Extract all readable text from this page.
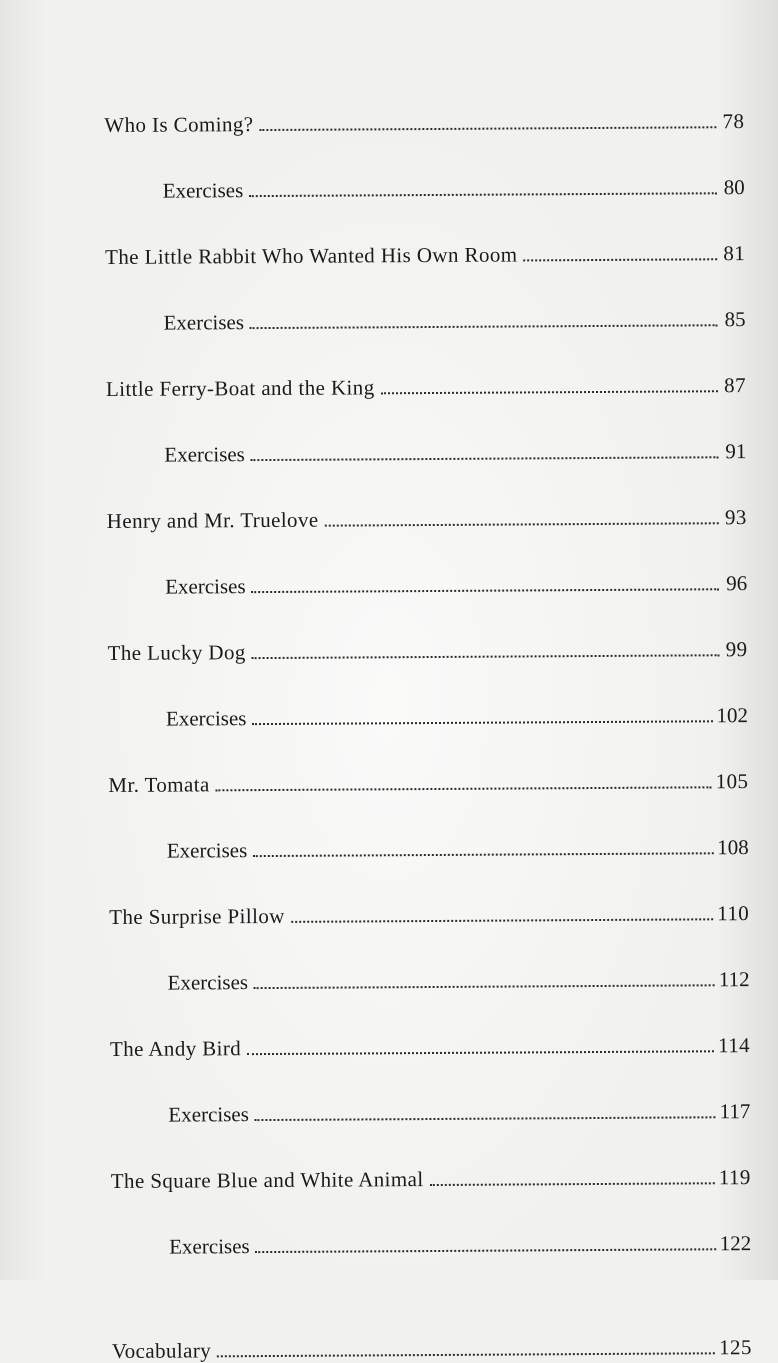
Who Is Coming?	78
Exercises	80
The Little Rabbit Who Wanted His Own Room	81
Exercises	85
Little Ferry-Boat and the King	87
Exercises	91
Henry and Mr. Truelove	93
Exercises	96
The Lucky Dog	99
Exercises	102
Mr. Tomata	105
Exercises	108
The Surprise Pillow	110
Exercises	112
The Andy Bird	114
Exercises	117
The Square Blue and White Animal	119
Exercises	122
Vocabulary	125
